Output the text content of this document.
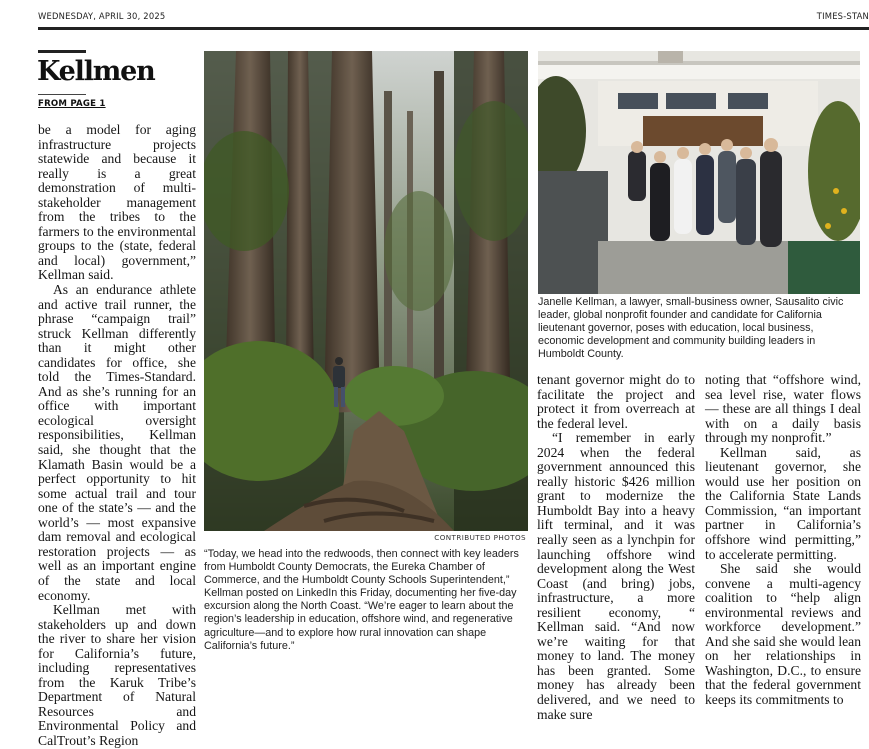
WEDNESDAY, APRIL 30, 2025	TIMES-STAN
Kellmen
FROM PAGE 1

be a model for aging infrastructure projects statewide and because it really is a great demonstration of multi-stakeholder management from the tribes to the farmers to the environmental groups to the (state, federal and local) government,” Kellman said.

As an endurance athlete and active trail runner, the phrase “campaign trail” struck Kellman differently than it might other candidates for office, she told the Times-Standard. And as she’s running for an office with important ecological oversight responsibilities, Kellman said, she thought that the Klamath Basin would be a perfect opportunity to hit some actual trail and tour one of the state’s — and the world’s — most expansive dam removal and ecological restoration projects — as well as an important engine of the state and local economy.

Kellman met with stakeholders up and down the river to share her vision for California’s future, including representatives from the Karuk Tribe’s Department of Natural Resources and Environmental Policy and CalTrout’s Region

CONTRIBUTED PHOTOS

“Today, we head into the redwoods, then connect with key leaders from Humboldt County Democrats, the Eureka Chamber of Commerce, and the Humboldt County Schools Superintendent,” Kellman posted on LinkedIn this Friday, documenting her five-day excursion along the North Coast. “We’re eager to learn about the region’s leadership in education, offshore wind, and regenerative agriculture—and to explore how rural innovation can shape California’s future.”

Janelle Kellman, a lawyer, small-business owner, Sausalito civic leader, global nonprofit founder and candidate for California lieutenant governor, poses with education, local business, economic development and community building leaders in Humboldt County.

tenant governor might do to facilitate the project and protect it from overreach at the federal level.

“I remember in early 2024 when the federal government announced this really historic $426 million grant to modernize the Humboldt Bay into a heavy lift terminal, and it was really seen as a lynchpin for launching offshore wind development along the West Coast (and bring) jobs, infrastructure, a more resilient economy, “ Kellman said. “And now we’re waiting for that money to land. The money has been granted. Some money has already been delivered, and we need to make sure

noting that “offshore wind, sea level rise, water flows — these are all things I deal with on a daily basis through my nonprofit.”

Kellman said, as lieutenant governor, she would use her position on the California State Lands Commission, “an important partner in California’s offshore wind permitting,” to accelerate permitting.

She said she would convene a multi-agency coalition to “help align environmental reviews and workforce development.” And she said she would lean on her relationships in Washington, D.C., to ensure that the federal government keeps its commitments to
